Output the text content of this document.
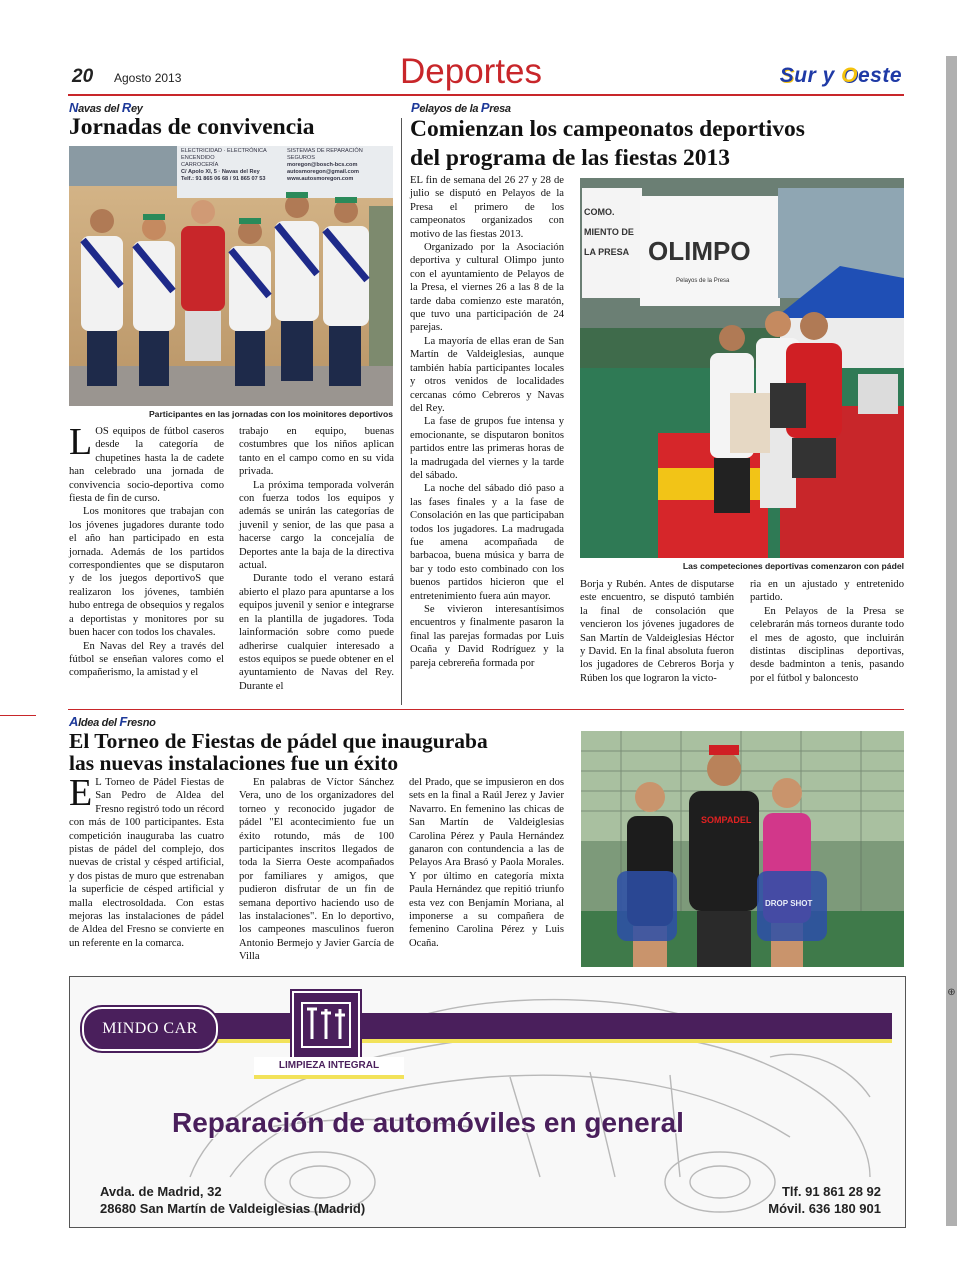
20 Agosto 2013	Deportes	Sur y Oeste
Navas del Rey
Jornadas de convivencia
ELECTRICIDAD · ELECTRÓNICA
ENCENDIDO
CARROCERÍA
C/ Apolo XI, 5 · Navas del Rey
Telf.: 91 865 06 68 / 91 865 07 53
SISTEMAS DE REPARACIÓN
SEGUROS
moregon@bosch-bcs.com
autosmoregon@gmail.com
www.autosmoregon.com
Participantes en las jornadas con los moinitores deportivos

LOS equipos de fútbol caseros desde la categoría de chupetines hasta la de cadete han celebrado una jornada de convivencia socio-deportiva como fiesta de fin de curso.

Los monitores que trabajan con los jóvenes jugadores durante todo el año han participado en esta jornada. Además de los partidos correspondientes que se disputaron y de los juegos deportivoS que realizaron los jóvenes, también hubo entrega de obsequios y regalos a deportistas y monitores por su buen hacer con todos los chavales.

En Navas del Rey a través del fútbol se enseñan valores como el compañerismo, la amistad y el

trabajo en equipo, buenas costumbres que los niños aplican tanto en el campo como en su vida privada.

La próxima temporada volverán con fuerza todos los equipos y además se unirán las categorías de juvenil y senior, de las que pasa a hacerse cargo la concejalía de Deportes ante la baja de la directiva actual.

Durante todo el verano estará abierto el plazo para apuntarse a los equipos juvenil y senior e integrarse en la plantilla de jugadores. Toda lainformación sobre como puede adherirse cualquier interesado a estos equipos se puede obtener en el ayuntamiento de Navas del Rey. Durante el

Pelayos de la Presa
Comienzan los campeonatos deportivos
del programa de las fiestas 2013

EL fin de semana del 26 27 y 28 de julio se disputó en Pelayos de la Presa el primero de los campeonatos organizados con motivo de las fiestas 2013.

Organizado por la Asociación deportiva y cultural Olimpo junto con el ayuntamiento de Pelayos de la Presa, el viernes 26 a las 8 de la tarde daba comienzo este maratón, que tuvo una participación de 24 parejas.

La mayoría de ellas eran de San Martín de Valdeiglesias, aunque también había participantes locales y otros venidos de localidades cercanas cómo Cebreros y Navas del Rey.

La fase de grupos fue intensa y emocionante, se disputaron bonitos partidos entre las primeras horas de la madrugada del viernes y la tarde del sábado.

La noche del sábado dió paso a las fases finales y a la fase de Consolación en las que participaban todos los jugadores. La madrugada fue amena acompañada de barbacoa, buena música y barra de bar y todo esto combinado con los buenos partidos hicieron que el entretenimiento fuera aún mayor.

Se vivieron interesantísimos encuentros y finalmente pasaron la final las parejas formadas por Luis Ocaña y David Rodríguez y la pareja cebrereña formada por

COMO. MIENTO DE LA PRESA OLIMPO
Pelayos de la Presa
Las competeciones deportivas comenzaron con pádel

Borja y Rubén. Antes de disputarse este encuentro, se disputó también la final de consolación que vencieron los jóvenes jugadores de San Martín de Valdeiglesias Héctor y David. En la final absoluta fueron los jugadores de Cebreros Borja y Rúben los que lograron la victo-

ria en un ajustado y entretenido partido.

En Pelayos de la Presa se celebrarán más torneos durante todo el mes de agosto, que incluirán distintas disciplinas deportivas, desde badminton a tenis, pasando por el fútbol y baloncesto

Aldea del Fresno
El Torneo de Fiestas de pádel que inauguraba
las nuevas instalaciones fue un éxito

E L Torneo de Pádel Fiestas de San Pedro de Aldea del Fresno registró todo un récord con más de 100 participantes. Esta competición inauguraba las cuatro pistas de pádel del complejo, dos nuevas de cristal y césped artificial, y dos pistas de muro que estrenaban la superficie de césped artificial y malla electrosoldada. Con estas mejoras las instalaciones de pádel de Aldea del Fresno se convierte en un referente en la comarca.

En palabras de Víctor Sánchez Vera, uno de los organizadores del torneo y reconocido jugador de pádel "El acontecimiento fue un éxito rotundo, más de 100 participantes inscritos llegados de toda la Sierra Oeste acompañados por familiares y amigos, que pudieron disfrutar de un fin de semana deportivo haciendo uso de las instalaciones". En lo deportivo, los campeones masculinos fueron Antonio Bermejo y Javier García de Villa

del Prado, que se impusieron en dos sets en la final a Raúl Jerez y Javier Navarro. En femenino las chicas de San Martín de Valdeiglesias Carolina Pérez y Paula Hernández ganaron con contundencia a las de Pelayos Ara Brasó y Paola Morales. Y por último en categoría mixta Paula Hernández que repitió triunfo esta vez con Benjamín Moriana, al imponerse a su compañera de femenino Carolina Pérez y Luis Ocaña.

SOMPADEL
DROP SHOT
MINDO CAR
LIMPIEZA INTEGRAL
Reparación de automóviles en general
Avda. de Madrid, 32
28680 San Martín de Valdeiglesias (Madrid)
Tlf. 91 861 28 92
Móvil. 636 180 901
⊕
